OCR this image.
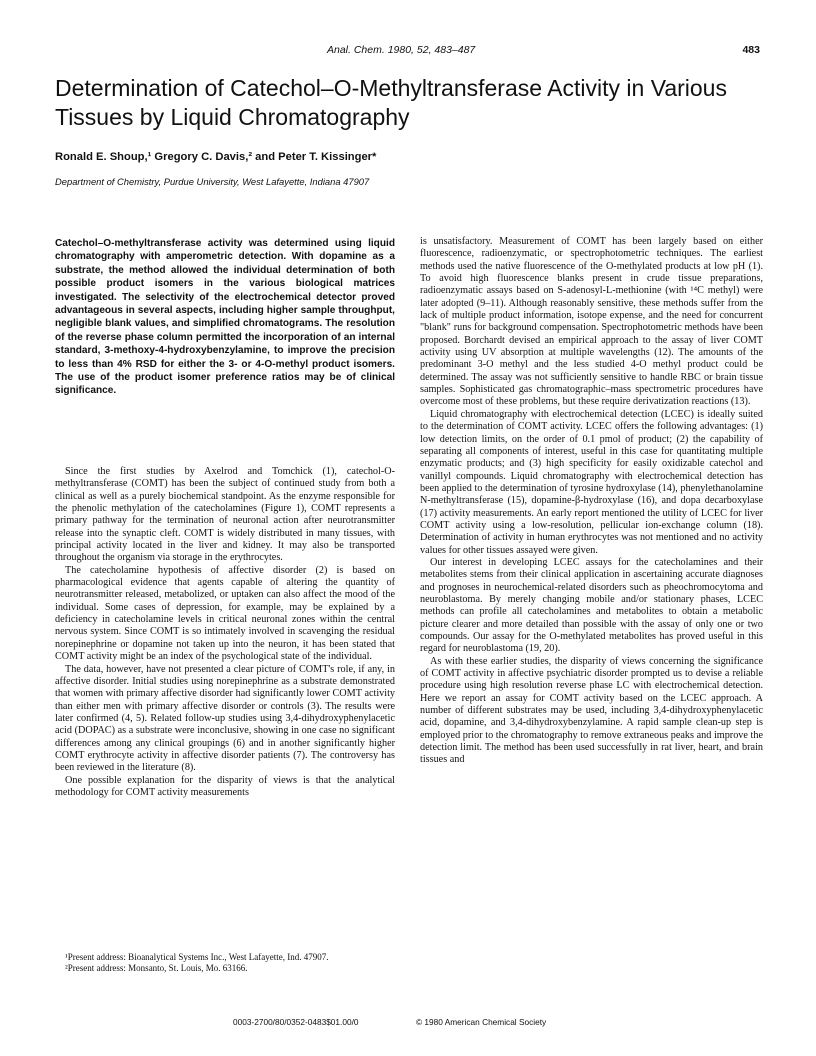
Anal. Chem. 1980, 52, 483–487	483
Determination of Catechol–O-Methyltransferase Activity in Various Tissues by Liquid Chromatography
Ronald E. Shoup,¹ Gregory C. Davis,² and Peter T. Kissinger*
Department of Chemistry, Purdue University, West Lafayette, Indiana 47907

Catechol–O-methyltransferase activity was determined using liquid chromatography with amperometric detection. With dopamine as a substrate, the method allowed the individual determination of both possible product isomers in the various biological matrices investigated. The selectivity of the electrochemical detector proved advantageous in several aspects, including higher sample throughput, negligible blank values, and simplified chromatograms. The resolution of the reverse phase column permitted the incorporation of an internal standard, 3-methoxy-4-hydroxybenzylamine, to improve the precision to less than 4% RSD for either the 3- or 4-O-methyl product isomers. The use of the product isomer preference ratios may be of clinical significance.

Since the first studies by Axelrod and Tomchick (1), catechol-O-methyltransferase (COMT) has been the subject of continued study from both a clinical as well as a purely biochemical standpoint. As the enzyme responsible for the phenolic methylation of the catecholamines (Figure 1), COMT represents a primary pathway for the termination of neuronal action after neurotransmitter release into the synaptic cleft. COMT is widely distributed in many tissues, with principal activity located in the liver and kidney. It may also be transported throughout the organism via storage in the erythrocytes.

The catecholamine hypothesis of affective disorder (2) is based on pharmacological evidence that agents capable of altering the quantity of neurotransmitter released, metabolized, or uptaken can also affect the mood of the individual. Some cases of depression, for example, may be explained by a deficiency in catecholamine levels in critical neuronal zones within the central nervous system. Since COMT is so intimately involved in scavenging the residual norepinephrine or dopamine not taken up into the neuron, it has been stated that COMT activity might be an index of the psychological state of the individual.

The data, however, have not presented a clear picture of COMT's role, if any, in affective disorder. Initial studies using norepinephrine as a substrate demonstrated that women with primary affective disorder had significantly lower COMT activity than either men with primary affective disorder or controls (3). The results were later confirmed (4, 5). Related follow-up studies using 3,4-dihydroxyphenylacetic acid (DOPAC) as a substrate were inconclusive, showing in one case no significant differences among any clinical groupings (6) and in another significantly higher COMT erythrocyte activity in affective disorder patients (7). The controversy has been reviewed in the literature (8).

One possible explanation for the disparity of views is that the analytical methodology for COMT activity measurements

¹Present address: Bioanalytical Systems Inc., West Lafayette, Ind. 47907.

²Present address: Monsanto, St. Louis, Mo. 63166.

is unsatisfactory. Measurement of COMT has been largely based on either fluorescence, radioenzymatic, or spectrophotometric techniques. The earliest methods used the native fluorescence of the O-methylated products at low pH (1). To avoid high fluorescence blanks present in crude tissue preparations, radioenzymatic assays based on S-adenosyl-L-methionine (with ¹⁴C methyl) were later adopted (9–11). Although reasonably sensitive, these methods suffer from the lack of multiple product information, isotope expense, and the need for concurrent "blank" runs for background compensation. Spectrophotometric methods have been proposed. Borchardt devised an empirical approach to the assay of liver COMT activity using UV absorption at multiple wavelengths (12). The amounts of the predominant 3-O methyl and the less studied 4-O methyl product could be determined. The assay was not sufficiently sensitive to handle RBC or brain tissue samples. Sophisticated gas chromatographic–mass spectrometric procedures have overcome most of these problems, but these require derivatization reactions (13).

Liquid chromatography with electrochemical detection (LCEC) is ideally suited to the determination of COMT activity. LCEC offers the following advantages: (1) low detection limits, on the order of 0.1 pmol of product; (2) the capability of separating all components of interest, useful in this case for quantitating multiple enzymatic products; and (3) high specificity for easily oxidizable catechol and vanillyl compounds. Liquid chromatography with electrochemical detection has been applied to the determination of tyrosine hydroxylase (14), phenylethanolamine N-methyltransferase (15), dopamine-β-hydroxylase (16), and dopa decarboxylase (17) activity measurements. An early report mentioned the utility of LCEC for liver COMT activity using a low-resolution, pellicular ion-exchange column (18). Determination of activity in human erythrocytes was not mentioned and no activity values for other tissues assayed were given.

Our interest in developing LCEC assays for the catecholamines and their metabolites stems from their clinical application in ascertaining accurate diagnoses and prognoses in neurochemical-related disorders such as pheochromocytoma and neuroblastoma. By merely changing mobile and/or stationary phases, LCEC methods can profile all catecholamines and metabolites to obtain a metabolic picture clearer and more detailed than possible with the assay of only one or two compounds. Our assay for the O-methylated metabolites has proved useful in this regard for neuroblastoma (19, 20).

As with these earlier studies, the disparity of views concerning the significance of COMT activity in affective psychiatric disorder prompted us to devise a reliable procedure using high resolution reverse phase LC with electrochemical detection. Here we report an assay for COMT activity based on the LCEC approach. A number of different substrates may be used, including 3,4-dihydroxyphenylacetic acid, dopamine, and 3,4-dihydroxybenzylamine. A rapid sample clean-up step is employed prior to the chromatography to remove extraneous peaks and improve the detection limit. The method has been used successfully in rat liver, heart, and brain tissues and

0003-2700/80/0352-0483$01.00/0	© 1980 American Chemical Society
